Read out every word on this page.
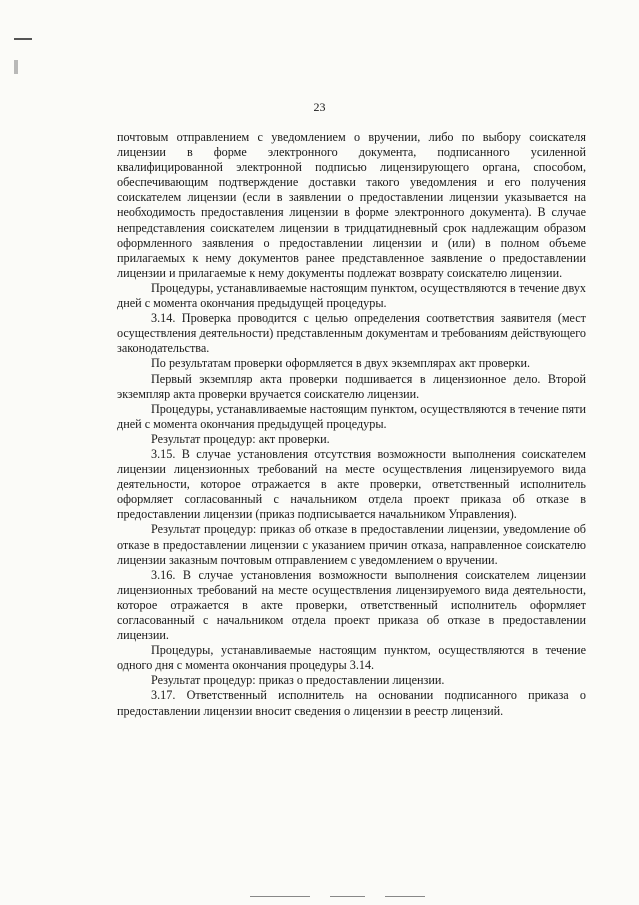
23

почтовым отправлением с уведомлением о вручении, либо по выбору соискателя лицензии в форме электронного документа, подписанного усиленной квалифицированной электронной подписью лицензирующего органа, способом, обеспечивающим подтверждение доставки такого уведомления и его получения соискателем лицензии (если в заявлении о предоставлении лицензии указывается на необходимость предоставления лицензии в форме электронного документа). В случае непредставления соискателем лицензии в тридцатидневный срок надлежащим образом оформленного заявления о предоставлении лицензии и (или) в полном объеме прилагаемых к нему документов ранее представленное заявление о предоставлении лицензии и прилагаемые к нему документы подлежат возврату соискателю лицензии.

Процедуры, устанавливаемые настоящим пунктом, осуществляются в течение двух дней с момента окончания предыдущей процедуры.

3.14. Проверка проводится с целью определения соответствия заявителя (мест осуществления деятельности) представленным документам и требованиям действующего законодательства.

По результатам проверки оформляется в двух экземплярах акт проверки.

Первый экземпляр акта проверки подшивается в лицензионное дело. Второй экземпляр акта проверки вручается соискателю лицензии.

Процедуры, устанавливаемые настоящим пунктом, осуществляются в течение пяти дней с момента окончания предыдущей процедуры.

Результат процедур: акт проверки.

3.15. В случае установления отсутствия возможности выполнения соискателем лицензии лицензионных требований на месте осуществления лицензируемого вида деятельности, которое отражается в акте проверки, ответственный исполнитель оформляет согласованный с начальником отдела проект приказа об отказе в предоставлении лицензии (приказ подписывается начальником Управления).

Результат процедур: приказ об отказе в предоставлении лицензии, уведомление об отказе в предоставлении лицензии с указанием причин отказа, направленное соискателю лицензии заказным почтовым отправлением с уведомлением о вручении.

3.16. В случае установления возможности выполнения соискателем лицензии лицензионных требований на месте осуществления лицензируемого вида деятельности, которое отражается в акте проверки, ответственный исполнитель оформляет согласованный с начальником отдела проект приказа об отказе в предоставлении лицензии.

Процедуры, устанавливаемые настоящим пунктом, осуществляются в течение одного дня с момента окончания процедуры 3.14.

Результат процедур: приказ о предоставлении лицензии.

3.17. Ответственный исполнитель на основании подписанного приказа о предоставлении лицензии вносит сведения о лицензии в реестр лицензий.
